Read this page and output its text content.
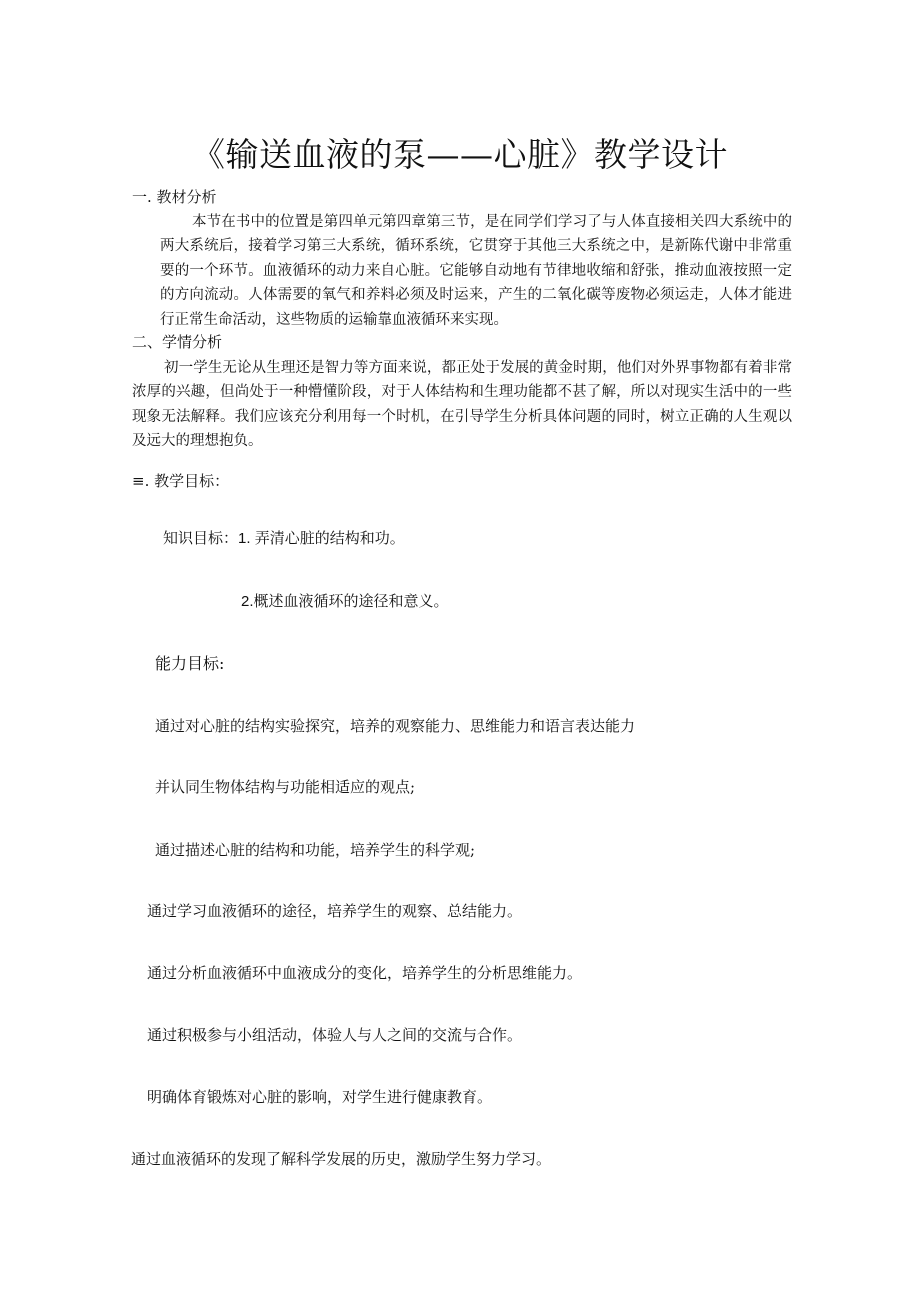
《输送血液的泵——心脏》教学设计
一. 教材分析
本节在书中的位置是第四单元第四章第三节，是在同学们学习了与人体直接相关四大系统中的两大系统后，接着学习第三大系统，循环系统，它贯穿于其他三大系统之中，是新陈代谢中非常重要的一个环节。血液循环的动力来自心脏。它能够自动地有节律地收缩和舒张，推动血液按照一定的方向流动。人体需要的氧气和养料必须及时运来，产生的二氧化碳等废物必须运走，人体才能进行正常生命活动，这些物质的运输靠血液循环来实现。
二、学情分析
初一学生无论从生理还是智力等方面来说，都正处于发展的黄金时期，他们对外界事物都有着非常浓厚的兴趣，但尚处于一种懵懂阶段，对于人体结构和生理功能都不甚了解，所以对现实生活中的一些现象无法解释。我们应该充分利用每一个时机，在引导学生分析具体问题的同时，树立正确的人生观以及远大的理想抱负。
≡. 教学目标：
知识目标：1. 弄清心脏的结构和功。
2.概述血液循环的途径和意义。
能力目标:
通过对心脏的结构实验探究，培养的观察能力、思维能力和语言表达能力
并认同生物体结构与功能相适应的观点;
通过描述心脏的结构和功能，培养学生的科学观;
通过学习血液循环的途径，培养学生的观察、总结能力。
通过分析血液循环中血液成分的变化，培养学生的分析思维能力。
通过积极参与小组活动，体验人与人之间的交流与合作。
明确体育锻炼对心脏的影响，对学生进行健康教育。
通过血液循环的发现了解科学发展的历史，激励学生努力学习。
